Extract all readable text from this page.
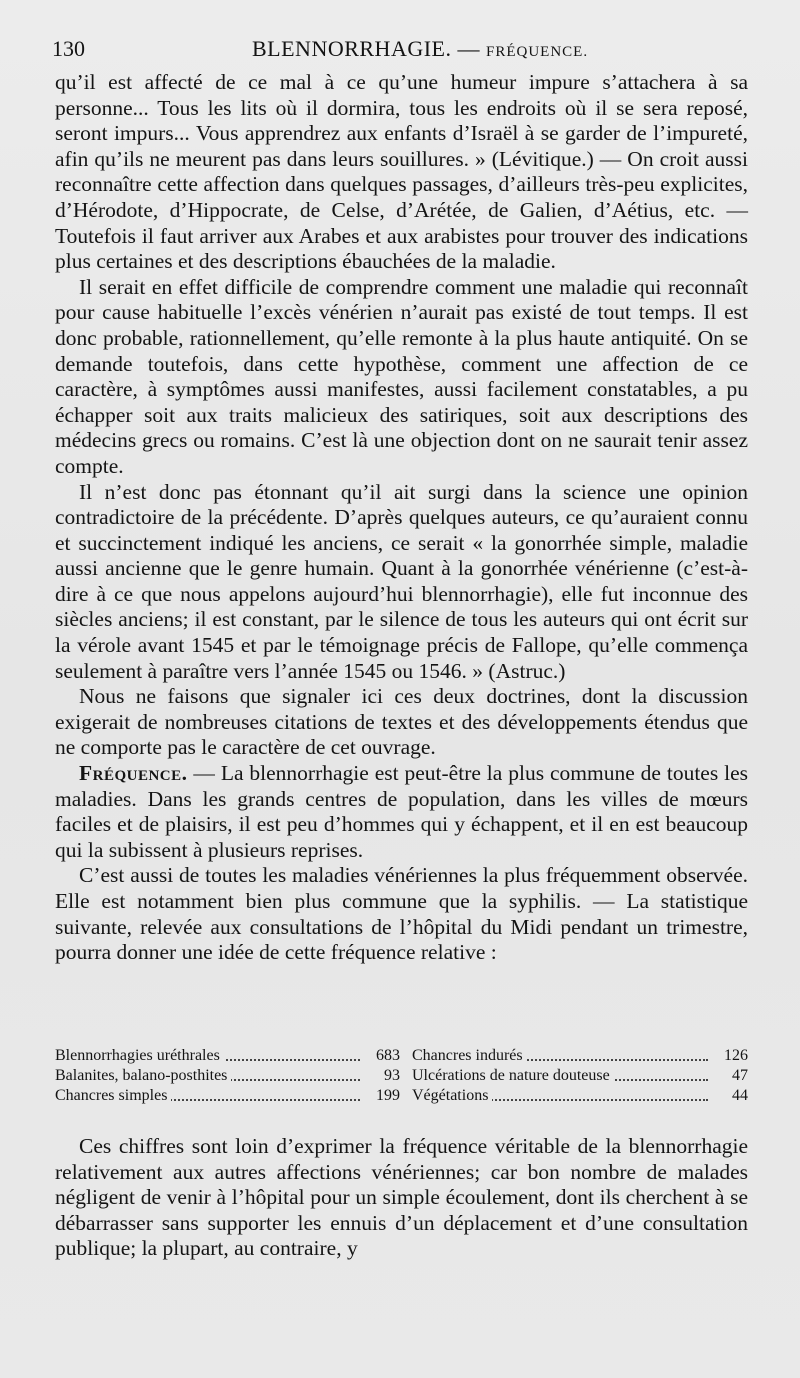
130	BLENNORRHAGIE. — FRÉQUENCE.

qu’il est affecté de ce mal à ce qu’une humeur impure s’attachera à sa personne... Tous les lits où il dormira, tous les endroits où il se sera reposé, seront impurs... Vous apprendrez aux enfants d’Israël à se garder de l’impureté, afin qu’ils ne meurent pas dans leurs souillures. » (Lévitique.) — On croit aussi reconnaître cette affection dans quelques passages, d’ailleurs très-peu explicites, d’Hérodote, d’Hippocrate, de Celse, d’Arétée, de Galien, d’Aétius, etc. — Toutefois il faut arriver aux Arabes et aux arabistes pour trouver des indications plus certaines et des descriptions ébauchées de la maladie.

Il serait en effet difficile de comprendre comment une maladie qui reconnaît pour cause habituelle l’excès vénérien n’aurait pas existé de tout temps. Il est donc probable, rationnellement, qu’elle remonte à la plus haute antiquité. On se demande toutefois, dans cette hypothèse, comment une affection de ce caractère, à symptômes aussi manifestes, aussi facilement constatables, a pu échapper soit aux traits malicieux des satiriques, soit aux descriptions des médecins grecs ou romains. C’est là une objection dont on ne saurait tenir assez compte.

Il n’est donc pas étonnant qu’il ait surgi dans la science une opinion contradictoire de la précédente. D’après quelques auteurs, ce qu’auraient connu et succinctement indiqué les anciens, ce serait « la gonorrhée simple, maladie aussi ancienne que le genre humain. Quant à la gonorrhée vénérienne (c’est-à-dire à ce que nous appelons aujourd’hui blennorrhagie), elle fut inconnue des siècles anciens; il est constant, par le silence de tous les auteurs qui ont écrit sur la vérole avant 1545 et par le témoignage précis de Fallope, qu’elle commença seulement à paraître vers l’année 1545 ou 1546. » (Astruc.)

Nous ne faisons que signaler ici ces deux doctrines, dont la discussion exigerait de nombreuses citations de textes et des développements étendus que ne comporte pas le caractère de cet ouvrage.

Fréquence. — La blennorrhagie est peut-être la plus commune de toutes les maladies. Dans les grands centres de population, dans les villes de mœurs faciles et de plaisirs, il est peu d’hommes qui y échappent, et il en est beaucoup qui la subissent à plusieurs reprises.

C’est aussi de toutes les maladies vénériennes la plus fréquemment observée. Elle est notamment bien plus commune que la syphilis. — La statistique suivante, relevée aux consultations de l’hôpital du Midi pendant un trimestre, pourra donner une idée de cette fréquence relative :

Blennorrhagies uréthrales	683
Balanites, balano-posthites	93
Chancres simples	199
Chancres indurés	126
Ulcérations de nature douteuse	47
Végétations	44

Ces chiffres sont loin d’exprimer la fréquence véritable de la blennorrhagie relativement aux autres affections vénériennes; car bon nombre de malades négligent de venir à l’hôpital pour un simple écoulement, dont ils cherchent à se débarrasser sans supporter les ennuis d’un déplacement et d’une consultation publique; la plupart, au contraire, y
